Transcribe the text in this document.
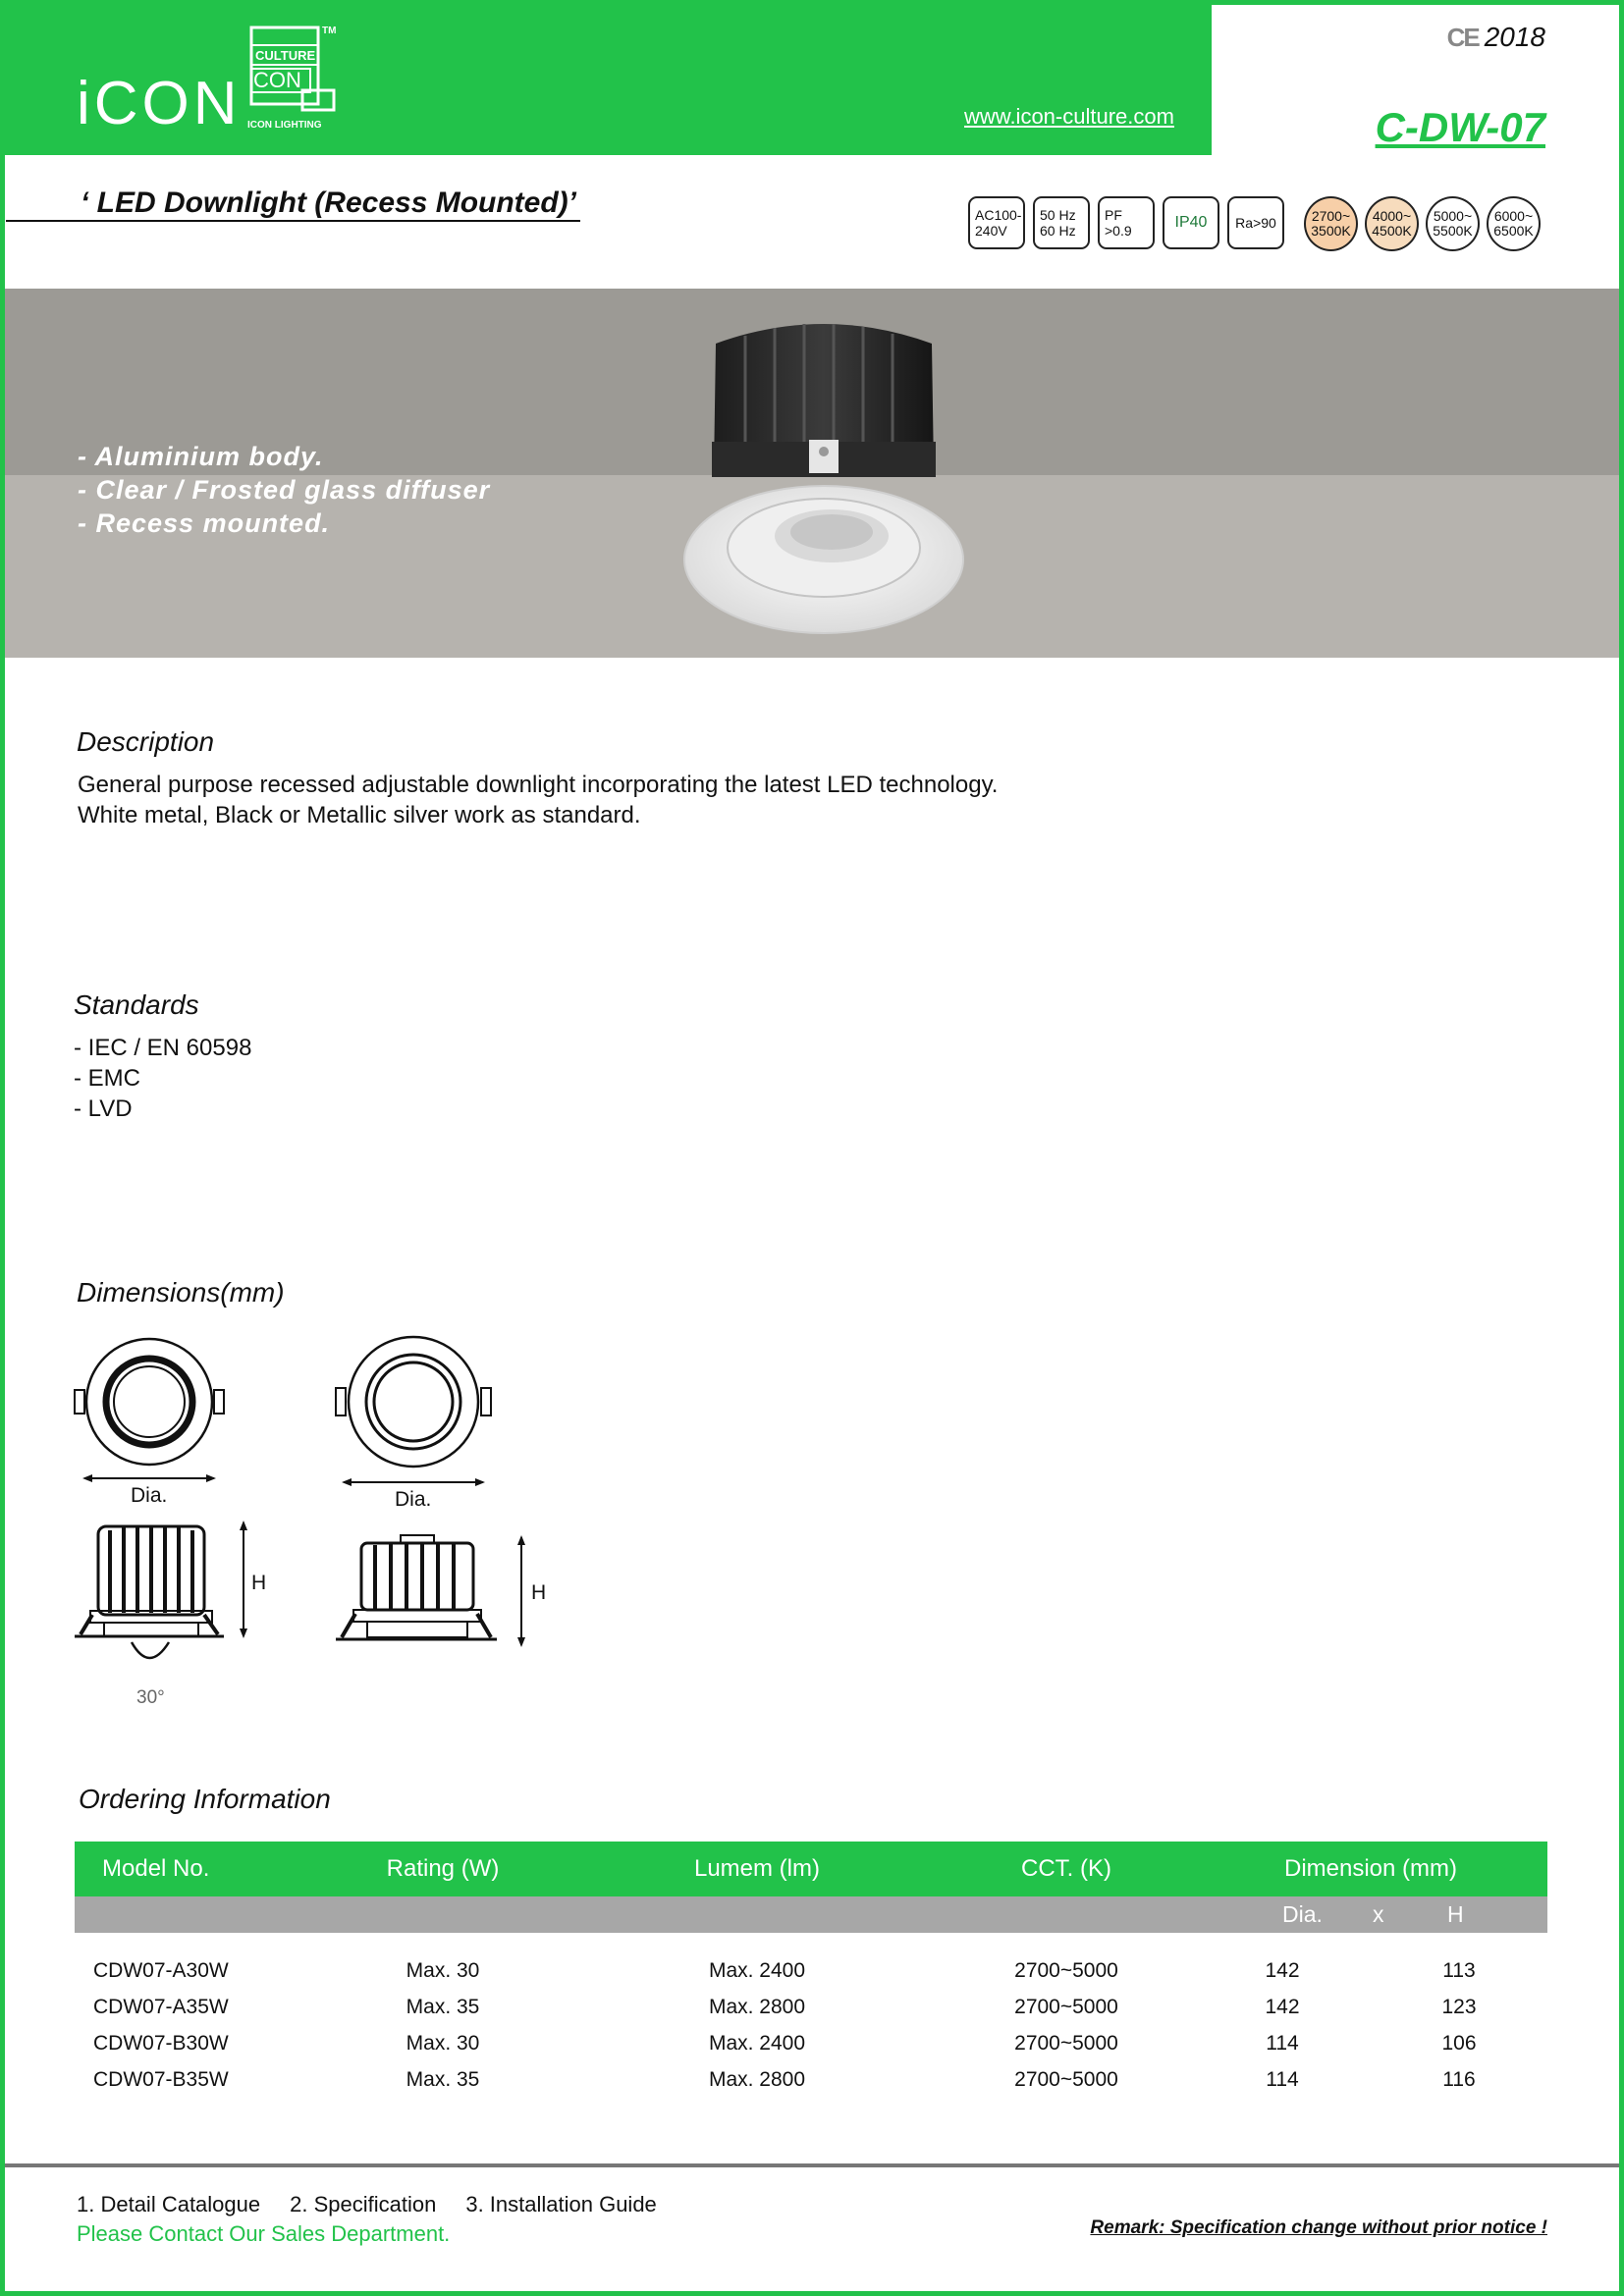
iCON
CULTURE
CON
ICON LIGHTING
TM
www.icon-culture.com
CE 2018
C-DW-07
‘ LED Downlight (Recess Mounted)’	AC100-
240V
50 Hz
60 Hz
PF
>0.9	IP40 Ra>90	2700~
3500K
4000~
4500K
5000~
5500K
6000~
6500K
- Aluminium body.
- Clear / Frosted glass diffuser
- Recess mounted.
Description

General purpose recessed adjustable downlight incorporating the latest LED technology.

White metal, Black or Metallic silver work as standard.

Standards
- IEC / EN 60598
- EMC
- LVD
Dimensions(mm)
Dia.	Dia.
H
30°
H
Ordering Information
Model No.	Rating (W)	Lumem (lm)	CCT. (K)	Dimension (mm)
Dia. x	H
CDW07-A30W	Max. 30	Max. 2400	2700~5000	142	113
CDW07-A35W	Max. 35	Max. 2800	2700~5000	142	123
CDW07-B30W	Max. 30	Max. 2400	2700~5000	114	106
CDW07-B35W	Max. 35	Max. 2800	2700~5000	114	116
1. Detail Catalogue 2. Specification 3. Installation Guide
Please Contact Our Sales Department.	Remark: Specification change without prior notice !
